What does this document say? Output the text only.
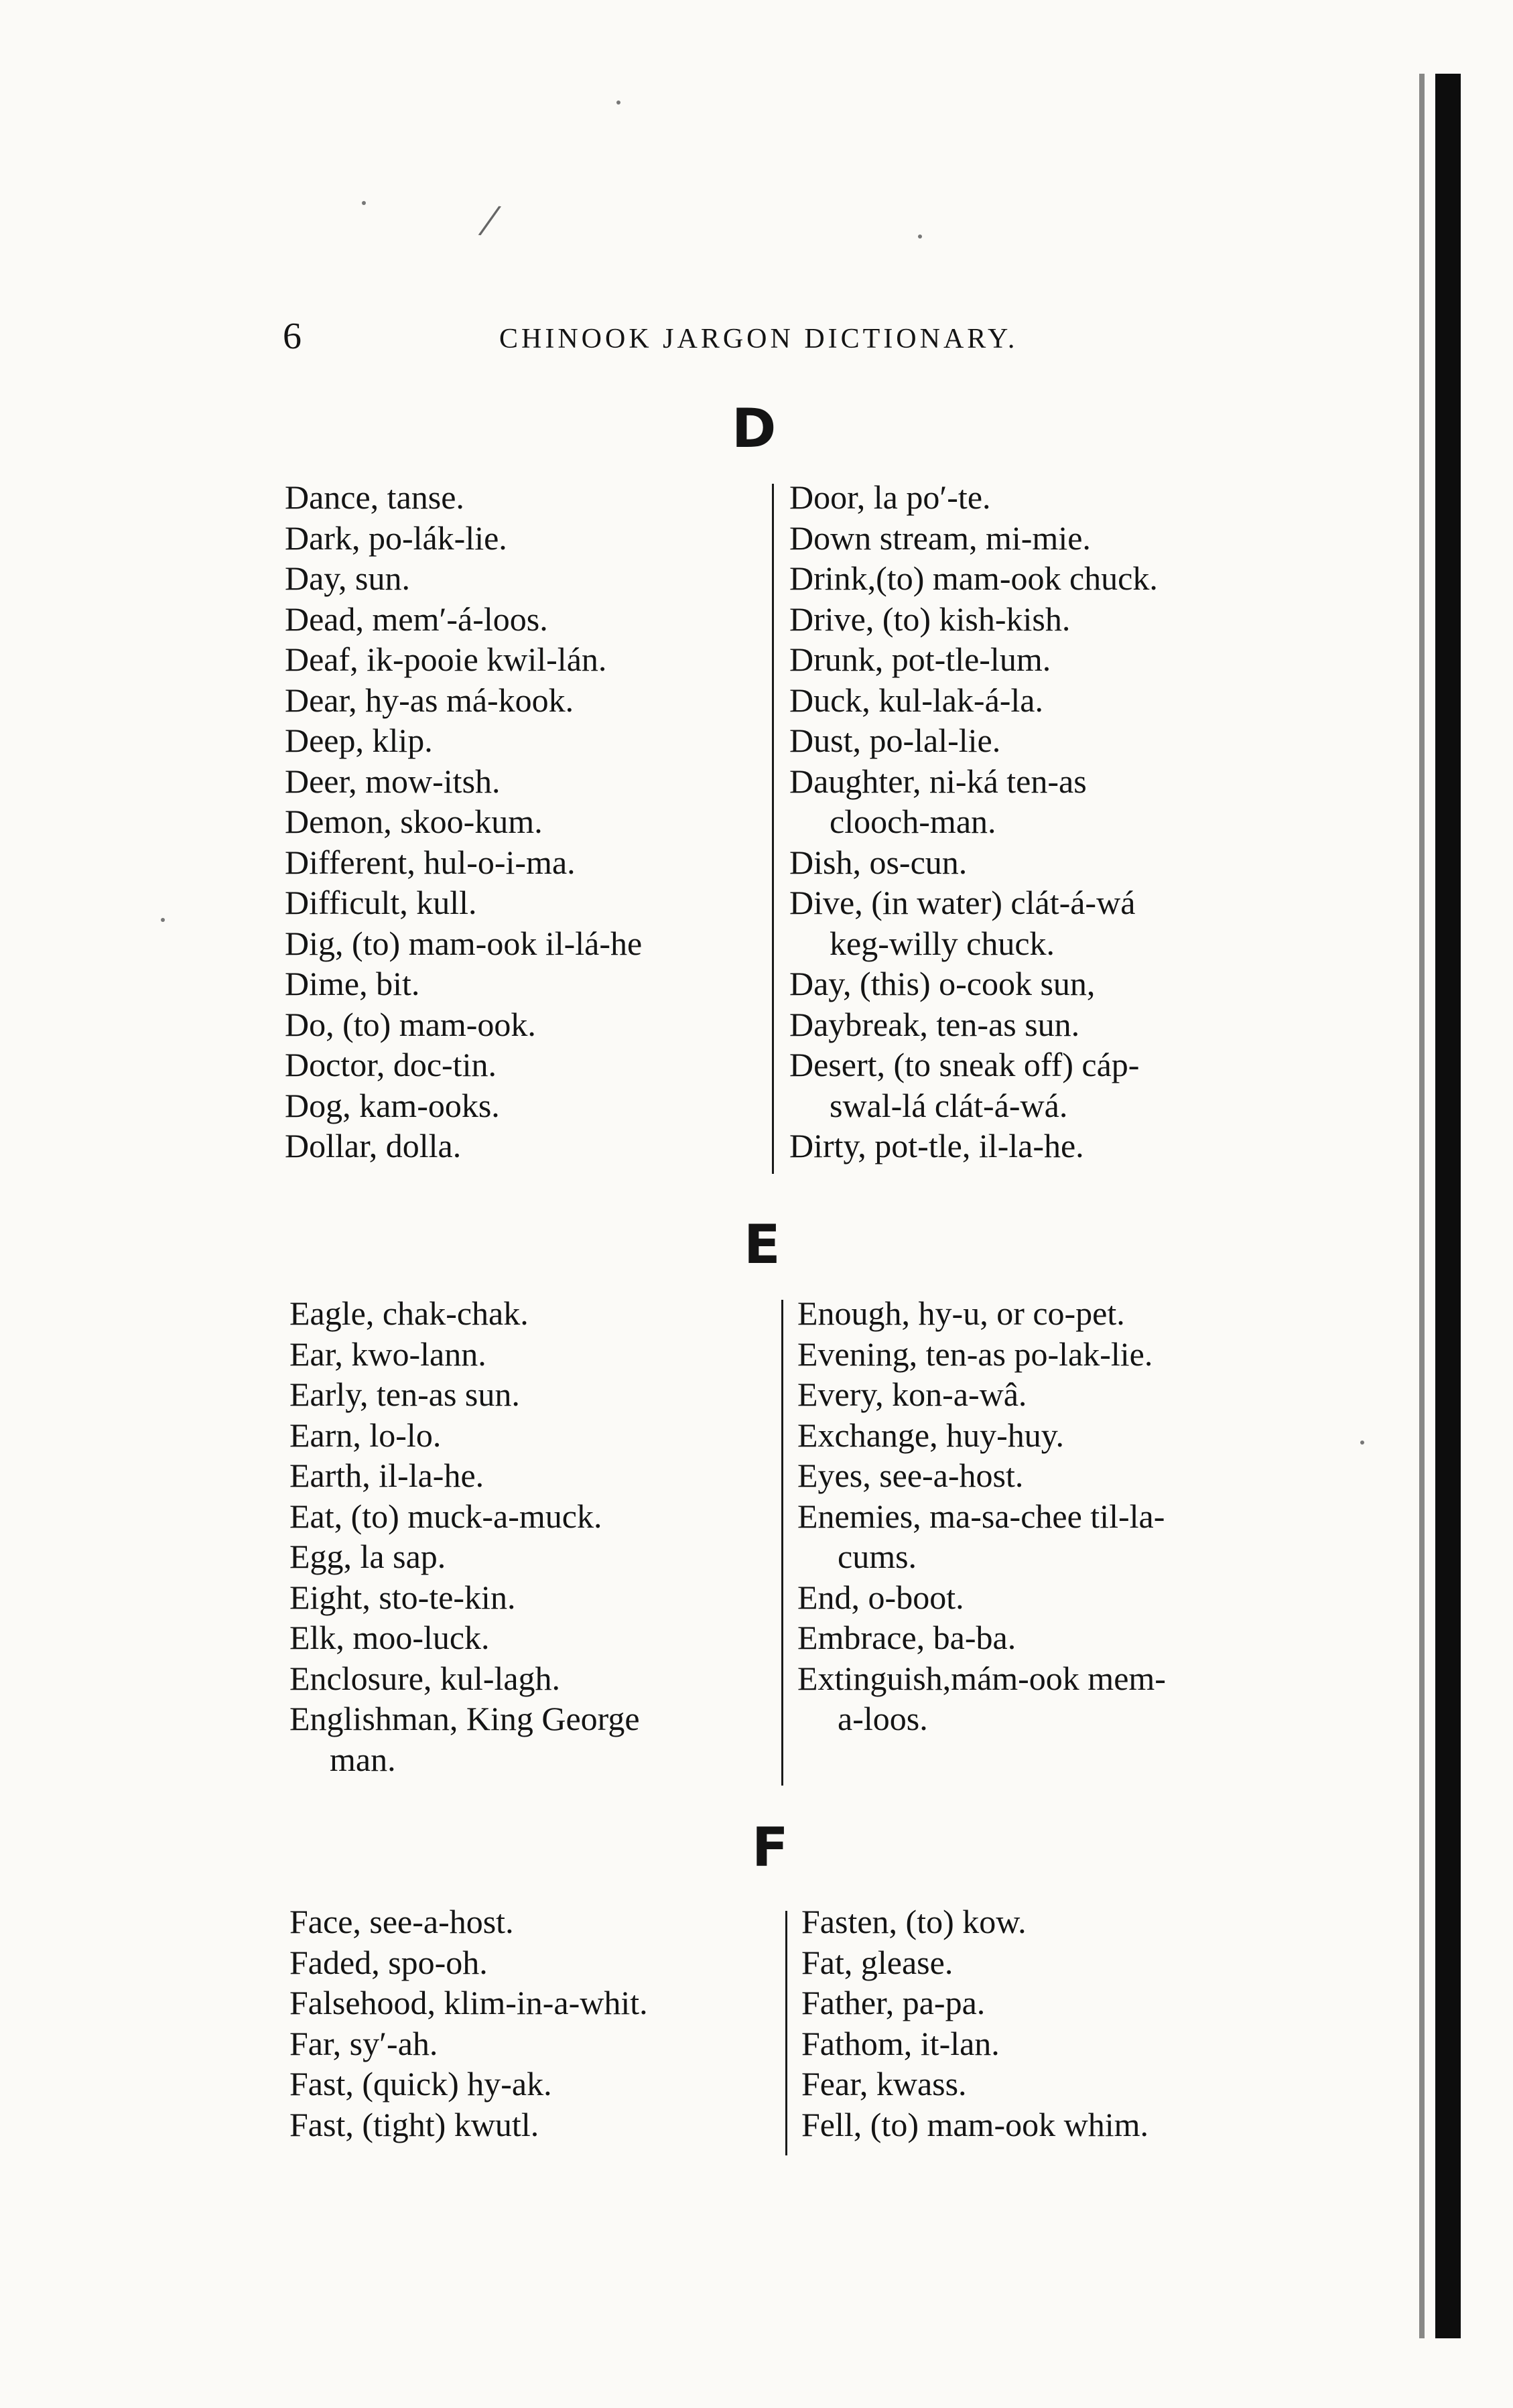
/
6	CHINOOK JARGON DICTIONARY.
D
Dance, tanse.
Dark, po-lák-lie.
Day, sun.
Dead, mem′-á-loos.
Deaf, ik-pooie kwil-lán.
Dear, hy-as má-kook.
Deep, klip.
Deer, mow-itsh.
Demon, skoo-kum.
Different, hul-o-i-ma.
Difficult, kull.
Dig, (to) mam-ook il-lá-he
Dime, bit.
Do, (to) mam-ook.
Doctor, doc-tin.
Dog, kam-ooks.
Dollar, dolla.
Door, la po′-te.
Down stream, mi-mie.
Drink,(to) mam-ook chuck.
Drive, (to) kish-kish.
Drunk, pot-tle-lum.
Duck, kul-lak-á-la.
Dust, po-lal-lie.
Daughter, ni-ká ten-as
clooch-man.
Dish, os-cun.
Dive, (in water) clát-á-wá
keg-willy chuck.
Day, (this) o-cook sun,
Daybreak, ten-as sun.
Desert, (to sneak off) cáp-
swal-lá clát-á-wá.
Dirty, pot-tle, il-la-he.
E
Eagle, chak-chak.
Ear, kwo-lann.
Early, ten-as sun.
Earn, lo-lo.
Earth, il-la-he.
Eat, (to) muck-a-muck.
Egg, la sap.
Eight, sto-te-kin.
Elk, moo-luck.
Enclosure, kul-lagh.
Englishman, King George
man.
Enough, hy-u, or co-pet.
Evening, ten-as po-lak-lie.
Every, kon-a-wâ.
Exchange, huy-huy.
Eyes, see-a-host.
Enemies, ma-sa-chee til-la-
cums.
End, o-boot.
Embrace, ba-ba.
Extinguish,mám-ook mem-
a-loos.
F
Face, see-a-host.
Faded, spo-oh.
Falsehood, klim-in-a-whit.
Far, sy′-ah.
Fast, (quick) hy-ak.
Fast, (tight) kwutl.
Fasten, (to) kow.
Fat, glease.
Father, pa-pa.
Fathom, it-lan.
Fear, kwass.
Fell, (to) mam-ook whim.
